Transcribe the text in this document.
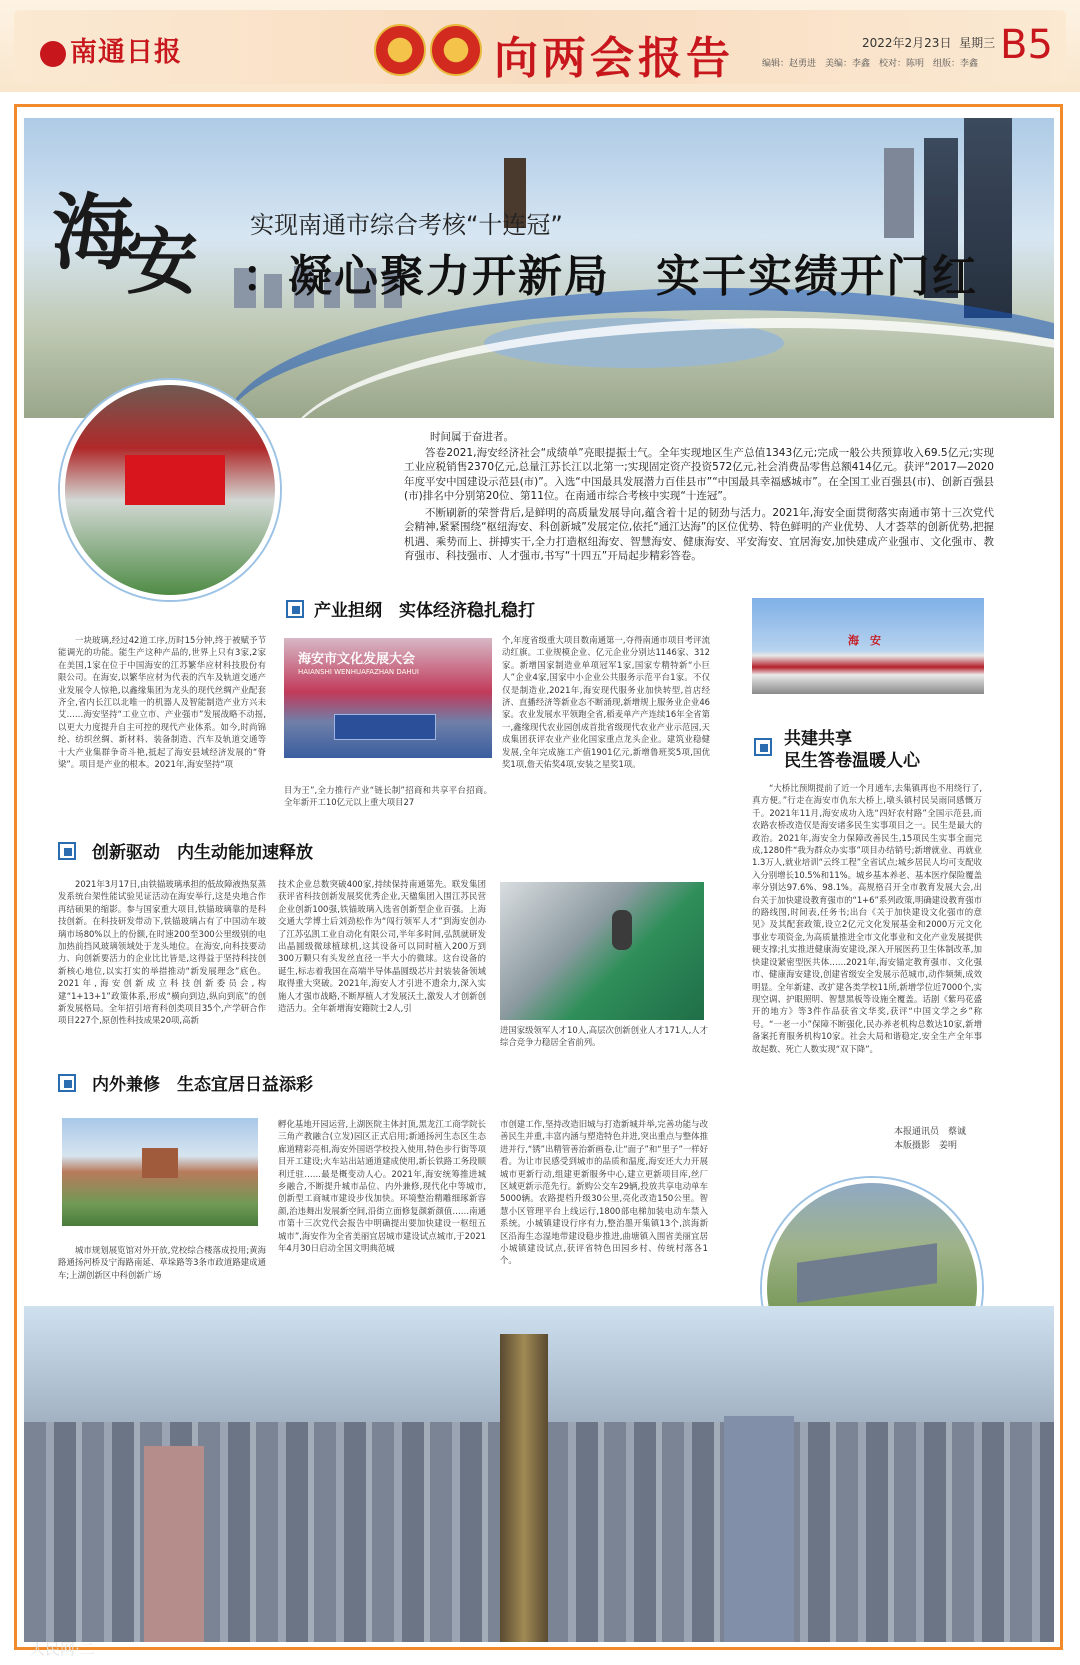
南通日报	向两会报告	2022年2月23日 星期三
编辑：赵勇进　美编：李鑫　校对：陈明　组版：李鑫 B5
海
安 实现南通市综合考核“十连冠”
：凝心聚力开新局　实干实绩开门红
时间属于奋进者。
答卷2021,海安经济社会“成绩单”亮眼提振士气。全年实现地区生产总值1343亿元;完成一般公共预算收入69.5亿元;实现工业应税销售2370亿元,总量江苏长江以北第一;实现固定资产投资572亿元,社会消费品零售总额414亿元。获评“2017—2020年度平安中国建设示范县(市)”。入选“中国最具发展潜力百佳县市”“中国最具幸福感城市”。在全国工业百强县(市)、创新百强县(市)排名中分别第20位、第11位。在南通市综合考核中实现“十连冠”。
不断刷新的荣誉背后,是鲜明的高质量发展导向,蕴含着十足的韧劲与活力。2021年,海安全面贯彻落实南通市第十三次党代会精神,紧紧围绕“枢纽海安、科创新城”发展定位,依托“通江达海”的区位优势、特色鲜明的产业优势、人才荟萃的创新优势,把握机遇、乘势而上、拼搏实干,全力打造枢纽海安、智慧海安、健康海安、平安海安、宜居海安,加快建成产业强市、文化强市、教育强市、科技强市、人才强市,书写“十四五”开局起步精彩答卷。
产业担纲　实体经济稳扎稳打
一块玻璃,经过42道工序,历时15分钟,终于被赋予节能调光的功能。能生产这种产品的,世界上只有3家,2家在美国,1家在位于中国海安的江苏繁华应材科技股份有限公司。在海安,以繁华应材为代表的汽车及轨道交通产业发展令人惊艳,以鑫缘集团为龙头的现代丝绸产业配套齐全,省内长江以北唯一的机器人及智能制造产业方兴未艾……海安坚持“工业立市、产业强市”发展战略不动摇,以更大力度提升自主可控的现代产业体系。如今,时尚锦纶、纺织丝绸、新材料、装备制造、汽车及轨道交通等十大产业集群争奇斗艳,抵起了海安县域经济发展的“脊梁”。项目是产业的根本。2021年,海安坚持“项
海安市文化发展大会
HAIANSHI WENHUAFAZHAN DAHUI
目为王”,全力推行产业“链长制”招商和共享平台招商。全年新开工10亿元以上重大项目27
个,年度省级重大项目数南通第一,夺得南通市项目考评流动红旗。工业规模企业、亿元企业分别达1146家、312家。新增国家制造业单项冠军1家,国家专精特新“小巨人”企业4家,国家中小企业公共服务示范平台1家。不仅仅是制造业,2021年,海安现代服务业加快转型,首店经济、直播经济等新业态不断涌现,新增规上服务业企业46家。农业发展水平领跑全省,稻麦单产产连续16年全省第一,鑫缘现代农业园创成首批省级现代农业产业示范园,天成集团获评农业产业化国家重点龙头企业。建筑业稳健发展,全年完成施工产值1901亿元,新增鲁班奖5项,国优奖1项,詹天佑奖4项,安装之星奖1项。
创新驱动　内生动能加速释放
2021年3月17日,由铁锚玻璃承担的低故障液热泵蒸发系统台架性能试验见证活动在海安举行,这是央地合作再结硕果的缩影。参与国家重大项目,铁锚玻璃靠的是科技创新。在科技研发带动下,铁锚玻璃占有了中国动车玻璃市场80%以上的份额,在时速200至300公里级别的电加热前挡风玻璃领域处于龙头地位。在海安,向科技要动力、向创新要活力的企业比比皆是,这得益于坚持科技创新核心地位,以实打实的举措推动“新发展理念”底色。2021年,海安创新成立科技创新委员会,构建“1+13+1”政策体系,形成“横向到边,纵向到底”的创新发展格局。全年招引培育科创类项目35个,产学研合作项目227个,原创性科技成果20项,高新
技术企业总数突破400家,持续保持南通第先。联发集团获评省科技创新发展奖优秀企业,天楹集团入围江苏民营企业创新100强,铁锚玻璃入选省创新型企业百强。上海交通大学博士后刘劲松作为“闯行领军人才”到海安创办了江苏弘凯工业自动化有限公司,半年多时间,弘凯就研发出晶圆级微球植球机,这其设备可以同时植入200万到300万颗只有头发丝直径一半大小的微球。这台设备的诞生,标志着我国在高端半导体晶圆级芯片封装装备领域取得重大突破。2021年,海安人才引进不遗余力,深入实施人才强市战略,不断厚植人才发展沃土,激发人才创新创造活力。全年新增海安籍院士2人,引
进国家级领军人才10人,高层次创新创业人才171人,人才综合竞争力稳居全省前列。
内外兼修　生态宜居日益添彩
城市规划展览馆对外开放,党校综合楼落成投用;黄海路通扬河桥及宁海路南延、草垛路等3条市政道路建成通车;上湖创新区中科创新广场
孵化基地开园运营,上湖医院主体封顶,黑龙江工商学院长三角产教融合(立发)园区正式启用;新通扬河生态区生态廊道精彩亮相,海安外国语学校投入使用,特色步行街等项目开工建设;火车站出站通道建成使用,新长铁路工务段顺利迁驻……最是概变动人心。2021年,海安统筹推进城乡融合,不断提升城市品位、内外兼修,现代化中等城市,创新型工商城市建设步伐加快。环境整治精雕细琢新容颜,治违舞出发展新空间,沿街立面修复颜新颜值……南通市第十三次党代会报告中明确提出要加快建设一枢纽五城市”,海安作为全省美丽宜居城市建设试点城市,于2021年4月30日启动全国文明典范城
市创建工作,坚持改造旧城与打造新城并举,完善功能与改善民生并重,丰富内涵与塑造特色并进,突出重点与整体推进并行,“锈”出精管善治新画卷,让“面子”和“里子”一样好看。为让市民感受到城市的品质和温度,海安还大力开展城市更新行动,组建更新服务中心,建立更新项目库,丝厂区域更新示范先行。新购公交车29辆,投放共享电动单车5000辆。农路提档升级30公里,亮化改造150公里。智慧小区管理平台上线运行,1800部电梯加装电动车禁入系统。小城镇建设行序有力,整治墨开集镇13个,滨海新区沿海生态湿地带建设稳步推进,曲塘镇入围省美丽宜居小城镇建设试点,获评省特色田园乡村、传统村落各1个。
海　安
共建共享
民生答卷温暖人心
“大桥比预期提前了近一个月通车,去集镇再也不用绕行了,真方便。”行走在海安市仇东大桥上,墩头镇村民吴雨同感慨万千。2021年11月,海安成功入选“四好农村路”全国示范县,而农路农桥改造仅是海安诸多民生实事项目之一。民生是最大的政治。2021年,海安全力保障改善民生,15项民生实事全面完成,1280件“我为群众办实事”项目办结销号;新增就业、再就业1.3万人,就业培训“云终工程”全省试点;城乡居民人均可支配收入分别增长10.5%和11%。城乡基本养老、基本医疗保险覆盖率分别达97.6%、98.1%。高规格召开全市教育发展大会,出台关于加快建设教育强市的“1+6”系列政策,明确建设教育强市的路线图,时间表,任务书;出台《关于加快建设文化强市的意见》及其配套政策,设立2亿元文化发展基金和2000万元文化事业专项资金,为高质量推进全市文化事业和文化产业发展提供硬支撑;扎实推进健康海安建设,深入开展医药卫生体制改革,加快建设紧密型医共体……2021年,海安锚定教育强市、文化强市、健康海安建设,创建省级安全发展示范城市,动作频频,成效明显。全年新建、改扩建各类学校11所,新增学位近7000个,实现空调、护眼照明、智慧黑板等设施全覆盖。话剧《紫玛花盛开的地方》等3件作品获省文华奖,获评“中国文学之乡”称号。“一老一小”保障不断强化,民办养老机构总数达10家,新增备案托育服务机构10家。社会大局和谐稳定,安全生产全年事故起数、死亡人数实现“双下降”。
本报通讯员　蔡诚
本版摄影　姜明
人民网·二
